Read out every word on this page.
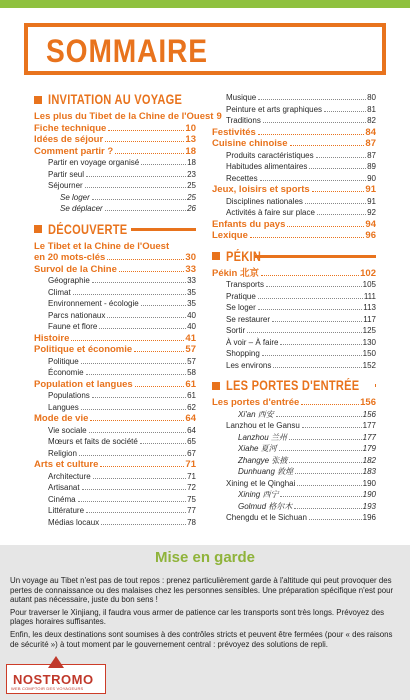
SOMMAIRE
INVITATION AU VOYAGE
Les plus du Tibet de la Chine de l'Ouest 9
Fiche technique	10
Idées de séjour	13
Comment partir ?	18
Partir en voyage organisé	18
Partir seul	23
Séjourner	25
Se loger	25
Se déplacer	26
DÉCOUVERTE
Le Tibet et la Chine de l'Ouest
en 20 mots-clés	30
Survol de la Chine	33
Géographie	33
Climat	35
Environnement - écologie	35
Parcs nationaux	40
Faune et flore	40
Histoire	41
Politique et économie	57
Politique	57
Économie	58
Population et langues	61
Populations	61
Langues	62
Mode de vie	64
Vie sociale	64
Mœurs et faits de société	65
Religion	67
Arts et culture	71
Architecture	71
Artisanat	72
Cinéma	75
Littérature	77
Médias locaux	78
Musique	80
Peinture et arts graphiques	81
Traditions	82
Festivités	84
Cuisine chinoise	87
Produits caractéristiques	87
Habitudes alimentaires	89
Recettes	90
Jeux, loisirs et sports	91
Disciplines nationales	91
Activités à faire sur place	92
Enfants du pays	94
Lexique	96
PÉKIN
Pékin 北京	102
Transports	105
Pratique	111
Se loger	113
Se restaurer	117
Sortir	125
À voir – À faire	130
Shopping	150
Les environs	152
LES PORTES D'ENTRÉE
Les portes d'entrée	156
Xi'an 西安	156
Lanzhou et le Gansu	177
Lanzhou 兰州	177
Xiahe 夏河	179
Zhangye 张掖	182
Dunhuang 敦煌	183
Xining et le Qinghai	190
Xining 西宁	190
Golmud 格尔木	193
Chengdu et le Sichuan	196
Mise en garde

Un voyage au Tibet n'est pas de tout repos : prenez particulièrement garde à l'altitude qui peut provoquer des pertes de connaissance ou des malaises chez les personnes sensibles. Une préparation spécifique n'est pour autant pas nécessaire, juste du bon sens !

Pour traverser le Xinjiang, il faudra vous armer de patience car les transports sont très longs. Prévoyez des plages horaires suffisantes.

Enfin, les deux destinations sont soumises à des contrôles stricts et peuvent être fermées (pour « des raisons de sécurité ») à tout moment par le gouvernement central : prévoyez des solutions de repli.

NOSTROMO
WEB COMPTOIR DES VOYAGEURS
